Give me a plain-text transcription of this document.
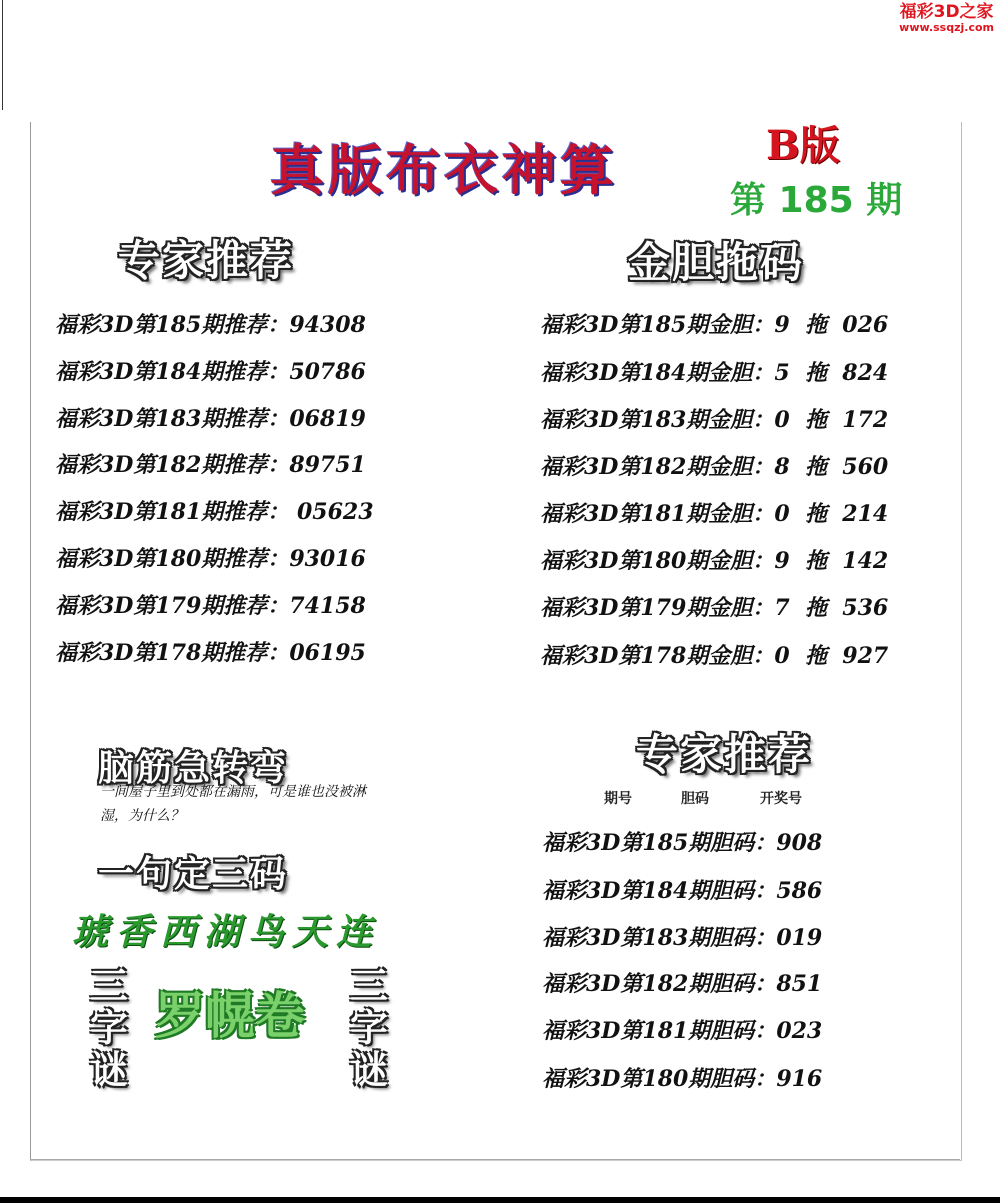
福彩3D之家
www.ssqzj.com
真版布衣神算	B版
第 185 期
专家推荐
福彩3D第185期推荐：94308
福彩3D第184期推荐：50786
福彩3D第183期推荐：06819
福彩3D第182期推荐：89751
福彩3D第181期推荐： 05623
福彩3D第180期推荐：93016
福彩3D第179期推荐：74158
福彩3D第178期推荐：06195
金胆拖码
福彩3D第185期金胆：9 拖 026
福彩3D第184期金胆：5 拖 824
福彩3D第183期金胆：0 拖 172
福彩3D第182期金胆：8 拖 560
福彩3D第181期金胆：0 拖 214
福彩3D第180期金胆：9 拖 142
福彩3D第179期金胆：7 拖 536
福彩3D第178期金胆：0 拖 927
脑筋急转弯
一间屋子里到处都在漏雨，可是谁也没被淋湿，为什么？
一句定三码
琥香西湖鸟天连
三字谜
罗幌卷
三字谜
专家推荐
期号	胆码	开奖号
福彩3D第185期胆码：908
福彩3D第184期胆码：586
福彩3D第183期胆码：019
福彩3D第182期胆码：851
福彩3D第181期胆码：023
福彩3D第180期胆码：916
